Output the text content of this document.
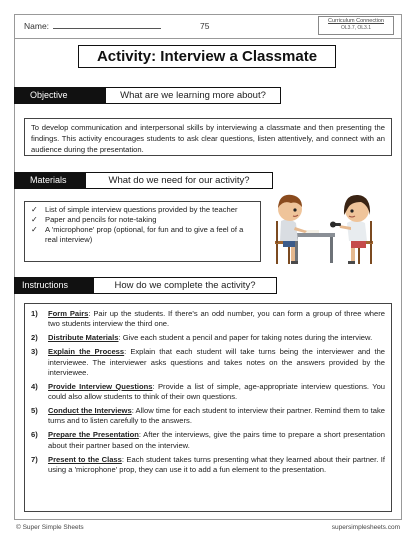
Name:	75	Curriculum Connection
OL3.7, OL3.1
Activity: Interview a Classmate
Objective	What are we learning more about?
To develop communication and interpersonal skills by interviewing a classmate and then presenting the findings. This activity encourages students to ask clear questions, listen attentively, and connect with an audience during the presentation.
Materials	What do we need for our activity?
✓ List of simple interview questions provided by the teacher
✓ Paper and pencils for note-taking
✓ A 'microphone' prop (optional, for fun and to give a feel of a real interview)
Instructions	How do we complete the activity?
1)	Form Pairs: Pair up the students. If there's an odd number, you can form a group of three where two students interview the third one.
2)	Distribute Materials: Give each student a pencil and paper for taking notes during the interview.
3)	Explain the Process: Explain that each student will take turns being the interviewer and the interviewee. The interviewer asks questions and takes notes on the answers provided by the interviewee.
4)	Provide Interview Questions: Provide a list of simple, age-appropriate interview questions. You could also allow students to think of their own questions.
5)	Conduct the Interviews: Allow time for each student to interview their partner. Remind them to take turns and to listen carefully to the answers.
6)	Prepare the Presentation: After the interviews, give the pairs time to prepare a short presentation about their partner based on the interview.
7)	Present to the Class: Each student takes turns presenting what they learned about their partner. If using a 'microphone' prop, they can use it to add a fun element to the presentation.
© Super Simple Sheets	supersimplesheets.com
